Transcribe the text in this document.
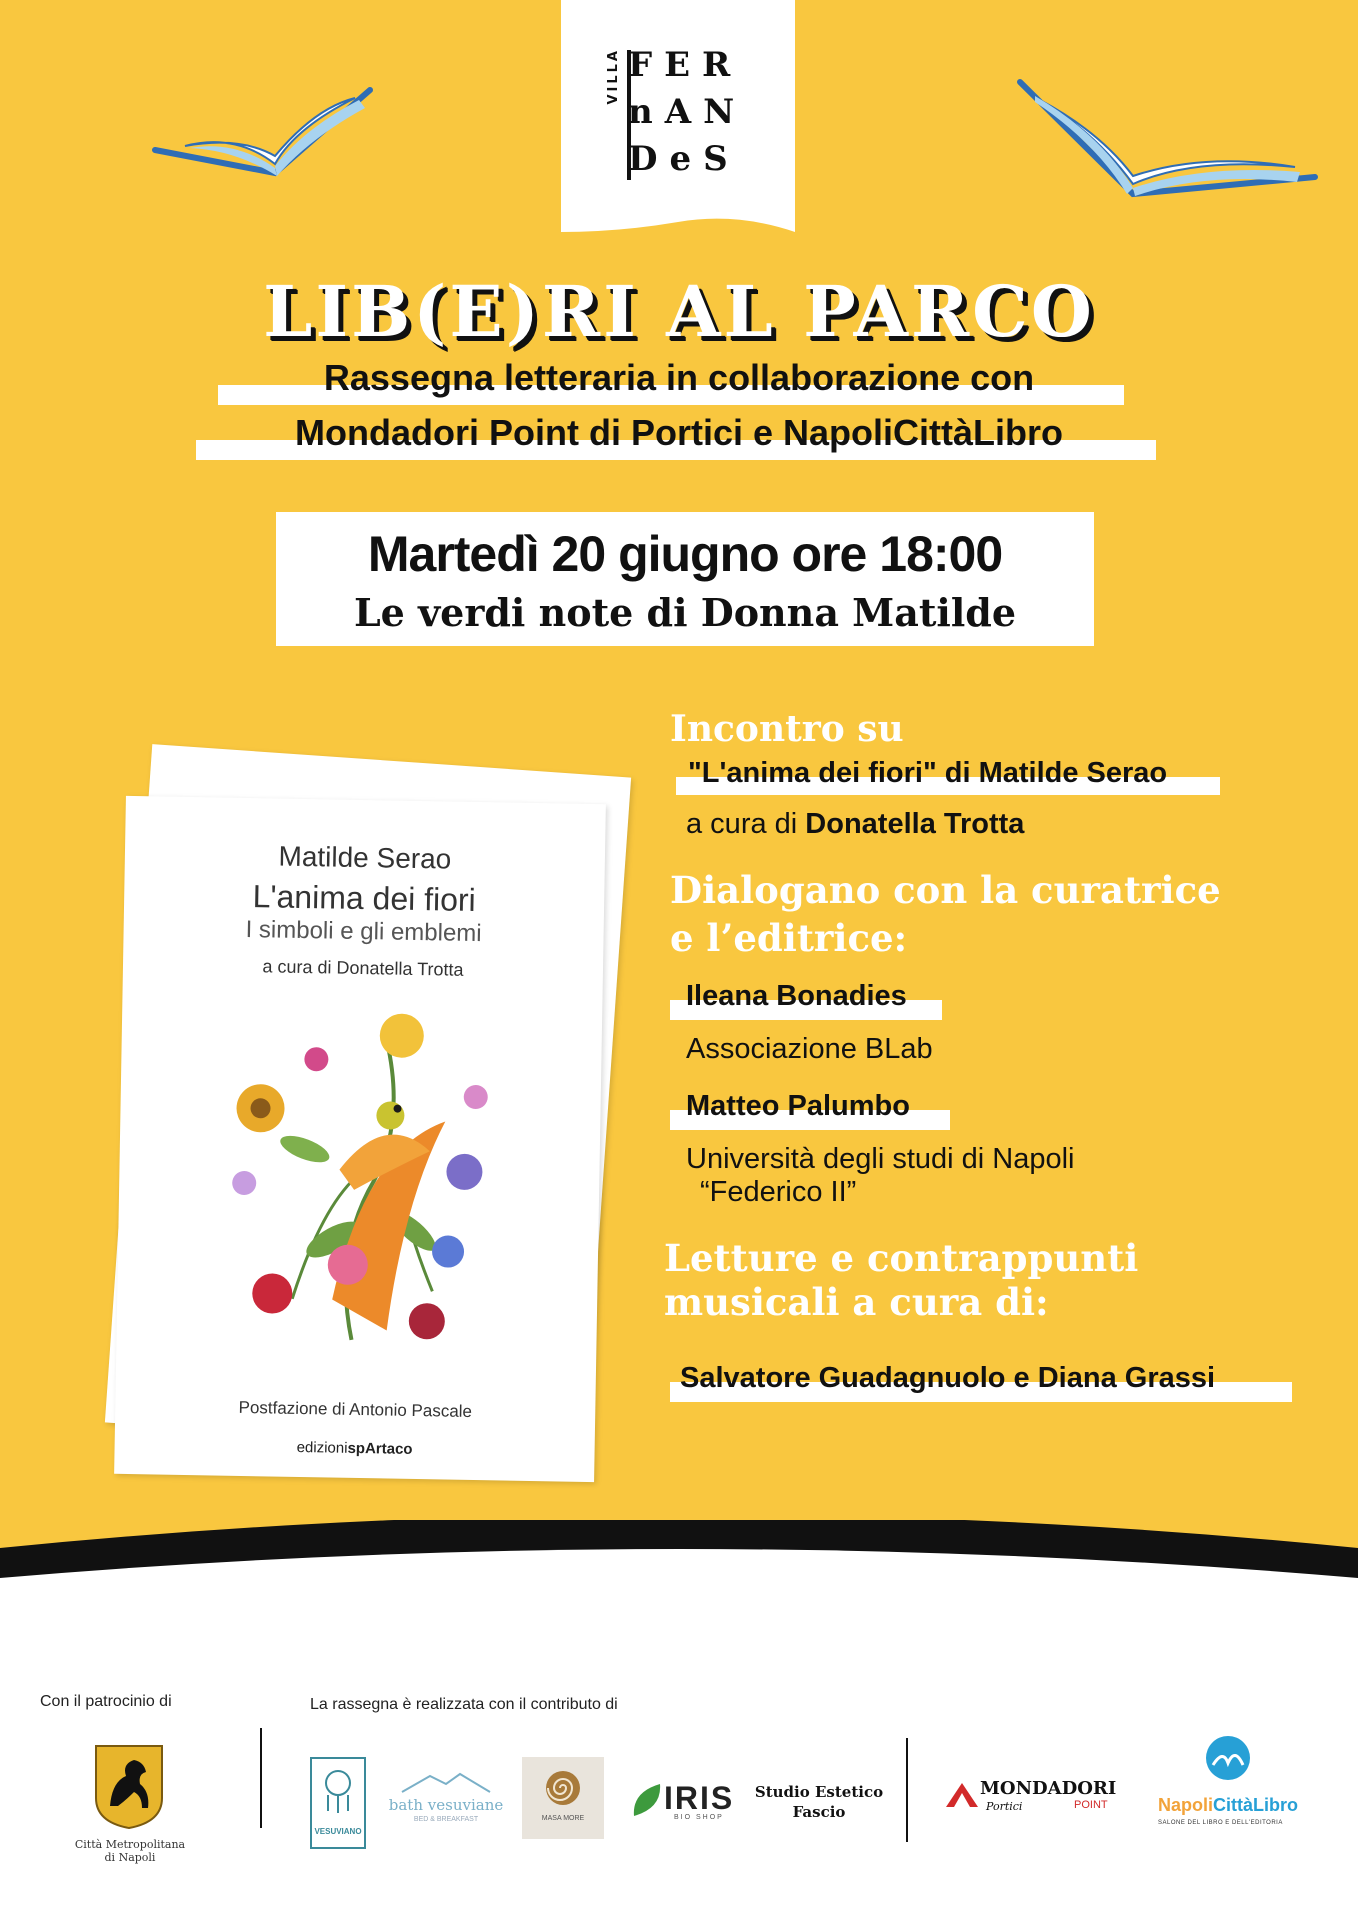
VILLA FER
nAN
DeS
LIB(E)RI AL PARCO
Rassegna letteraria in collaborazione con
Mondadori Point di Portici e NapoliCittàLibro
Martedì 20 giugno ore 18:00
Le verdi note di Donna Matilde
Matilde Serao
L'anima dei fiori
I simboli e gli emblemi
a cura di Donatella Trotta
Postfazione di Antonio Pascale
edizionispArtaco
Incontro su
"L'anima dei fiori" di Matilde Serao
a cura di Donatella Trotta
Dialogano con la curatrice
e l’editrice:
Ileana Bonadies
Associazione BLab
Matteo Palumbo
Università degli studi di Napoli
“Federico II”
Letture e contrappunti
musicali a cura di:
Salvatore Guadagnuolo e Diana Grassi
Con il patrocinio di	La rassegna è realizzata con il contributo di
Città Metropolitana
di Napoli
VESUVIANO
bath vesuviane
BED & BREAKFAST	MASA MORE
IRIS
BIO SHOP
Studio Estetico
Fascio
MONDADORI
Portici	POINT	NapoliCittàLibro
SALONE DEL LIBRO E DELL'EDITORIA
